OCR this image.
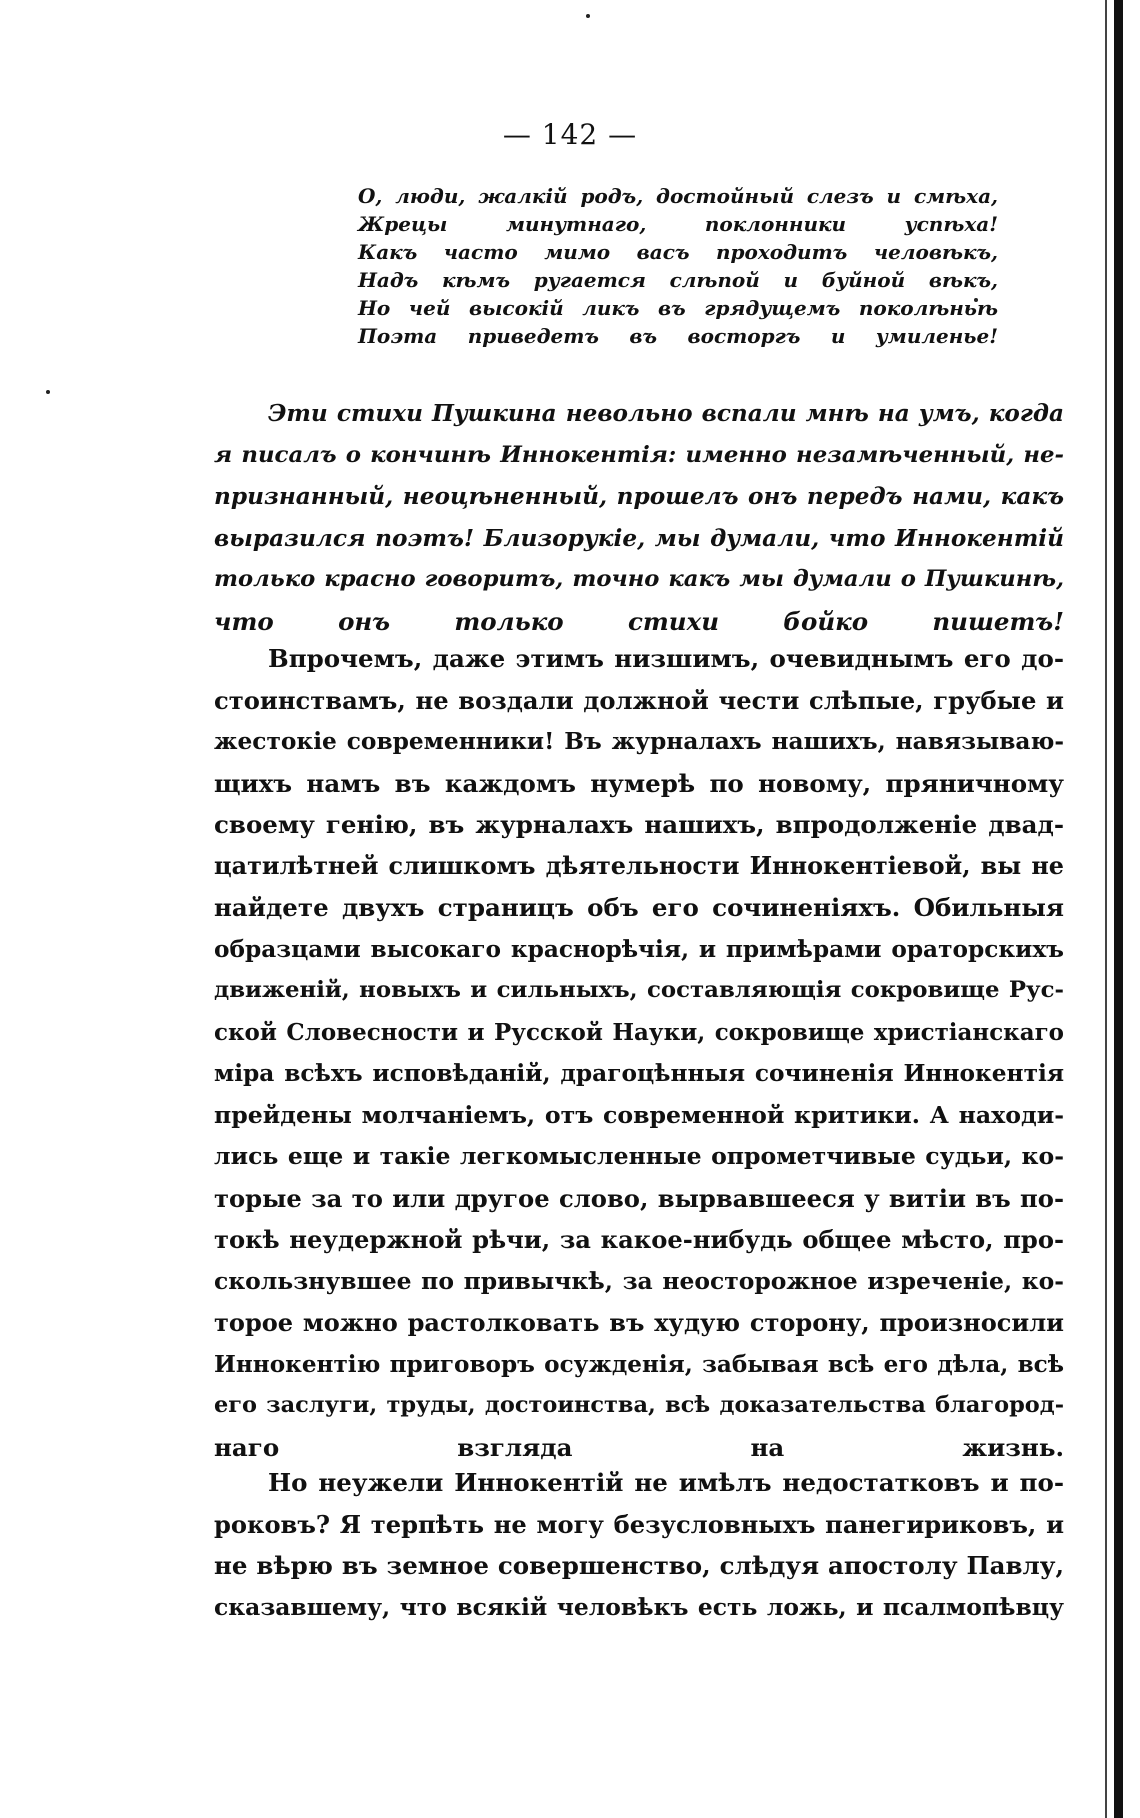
— 142 —
О, люди, жалкій родъ, достойный слезъ и смѣха,
Жрецы минутнаго, поклонники успѣха!
Какъ часто мимо васъ проходитъ человѣкъ,
Надъ кѣмъ ругается слѣпой и буйной вѣкъ,
Но чей высокій ликъ въ грядущемъ поколѣньѣ
Поэта приведетъ въ восторгъ и умиленье!
Эти стихи Пушкина невольно вспали мнѣ на умъ, когда
я писалъ о кончинѣ Иннокентія: именно незамѣченный, не-
признанный, неоцѣненный, прошелъ онъ передъ нами, какъ
выразился поэтъ! Близорукіе, мы думали, что Иннокентій
только красно говоритъ, точно какъ мы думали о Пушкинѣ,
что онъ только стихи бойко пишетъ!
Впрочемъ, даже этимъ низшимъ, очевиднымъ его до-
стоинствамъ, не воздали должной чести слѣпые, грубые и
жестокіе современники! Въ журналахъ нашихъ, навязываю-
щихъ намъ въ каждомъ нумерѣ по новому, пряничному
своему генію, въ журналахъ нашихъ, впродолженіе двад-
цатилѣтней слишкомъ дѣятельности Иннокентіевой, вы не
найдете двухъ страницъ объ его сочиненіяхъ. Обильныя
образцами высокаго краснорѣчія, и примѣрами ораторскихъ
движеній, новыхъ и сильныхъ, составляющія сокровище Рус-
ской Словесности и Русской Науки, сокровище христіанскаго
міра всѣхъ исповѣданій, драгоцѣнныя сочиненія Иннокентія
прейдены молчаніемъ, отъ современной критики. А находи-
лись еще и такіе легкомысленные опрометчивые судьи, ко-
торые за то или другое слово, вырвавшееся у витіи въ по-
токѣ неудержной рѣчи, за какое-нибудь общее мѣсто, про-
скользнувшее по привычкѣ, за неосторожное изреченіе, ко-
торое можно растолковать въ худую сторону, произносили
Иннокентію приговоръ осужденія, забывая всѣ его дѣла, всѣ
его заслуги, труды, достоинства, всѣ доказательства благород-
наго взгляда на жизнь.
Но неужели Иннокентій не имѣлъ недостатковъ и по-
роковъ? Я терпѣть не могу безусловныхъ панегириковъ, и
не вѣрю въ земное совершенство, слѣдуя апостолу Павлу,
сказавшему, что всякій человѣкъ есть ложь, и псалмопѣвцу
